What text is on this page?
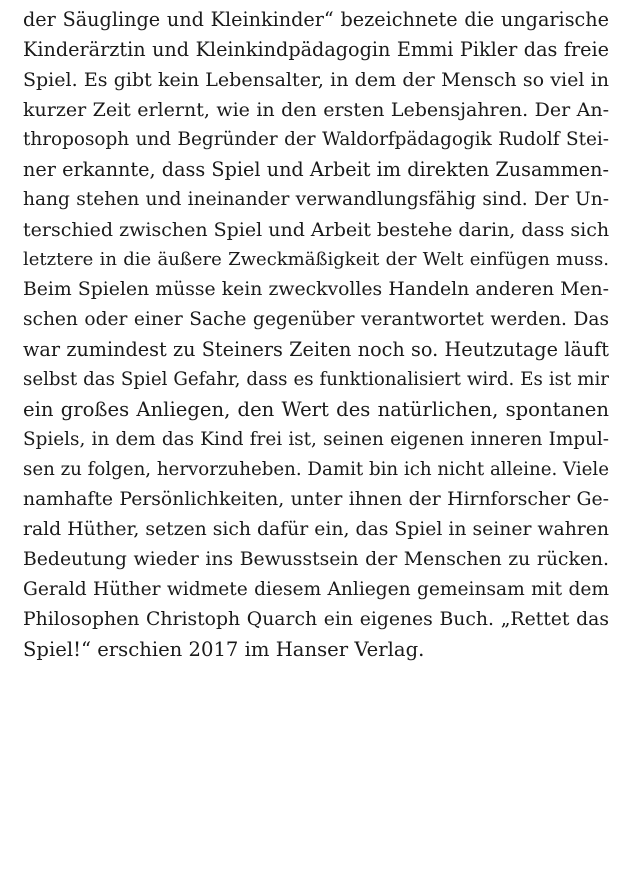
der Säuglinge und Kleinkinder“ bezeichnete die ungarische
Kinderärztin und Kleinkindpädagogin Emmi Pikler das freie
Spiel. Es gibt kein Lebensalter, in dem der Mensch so viel in
kurzer Zeit erlernt, wie in den ersten Lebensjahren. Der An-
throposoph und Begründer der Waldorfpädagogik Rudolf Stei-
ner erkannte, dass Spiel und Arbeit im direkten Zusammen-
hang stehen und ineinander verwandlungsfähig sind. Der Un-
terschied zwischen Spiel und Arbeit bestehe darin, dass sich
letztere in die äußere Zweckmäßigkeit der Welt einfügen muss.
Beim Spielen müsse kein zweckvolles Handeln anderen Men-
schen oder einer Sache gegenüber verantwortet werden. Das
war zumindest zu Steiners Zeiten noch so. Heutzutage läuft
selbst das Spiel Gefahr, dass es funktionalisiert wird. Es ist mir
ein großes Anliegen, den Wert des natürlichen, spontanen
Spiels, in dem das Kind frei ist, seinen eigenen inneren Impul-
sen zu folgen, hervorzuheben. Damit bin ich nicht alleine. Viele
namhafte Persönlichkeiten, unter ihnen der Hirnforscher Ge-
rald Hüther, setzen sich dafür ein, das Spiel in seiner wahren
Bedeutung wieder ins Bewusstsein der Menschen zu rücken.
Gerald Hüther widmete diesem Anliegen gemeinsam mit dem
Philosophen Christoph Quarch ein eigenes Buch. „Rettet das
Spiel!“ erschien 2017 im Hanser Verlag.
